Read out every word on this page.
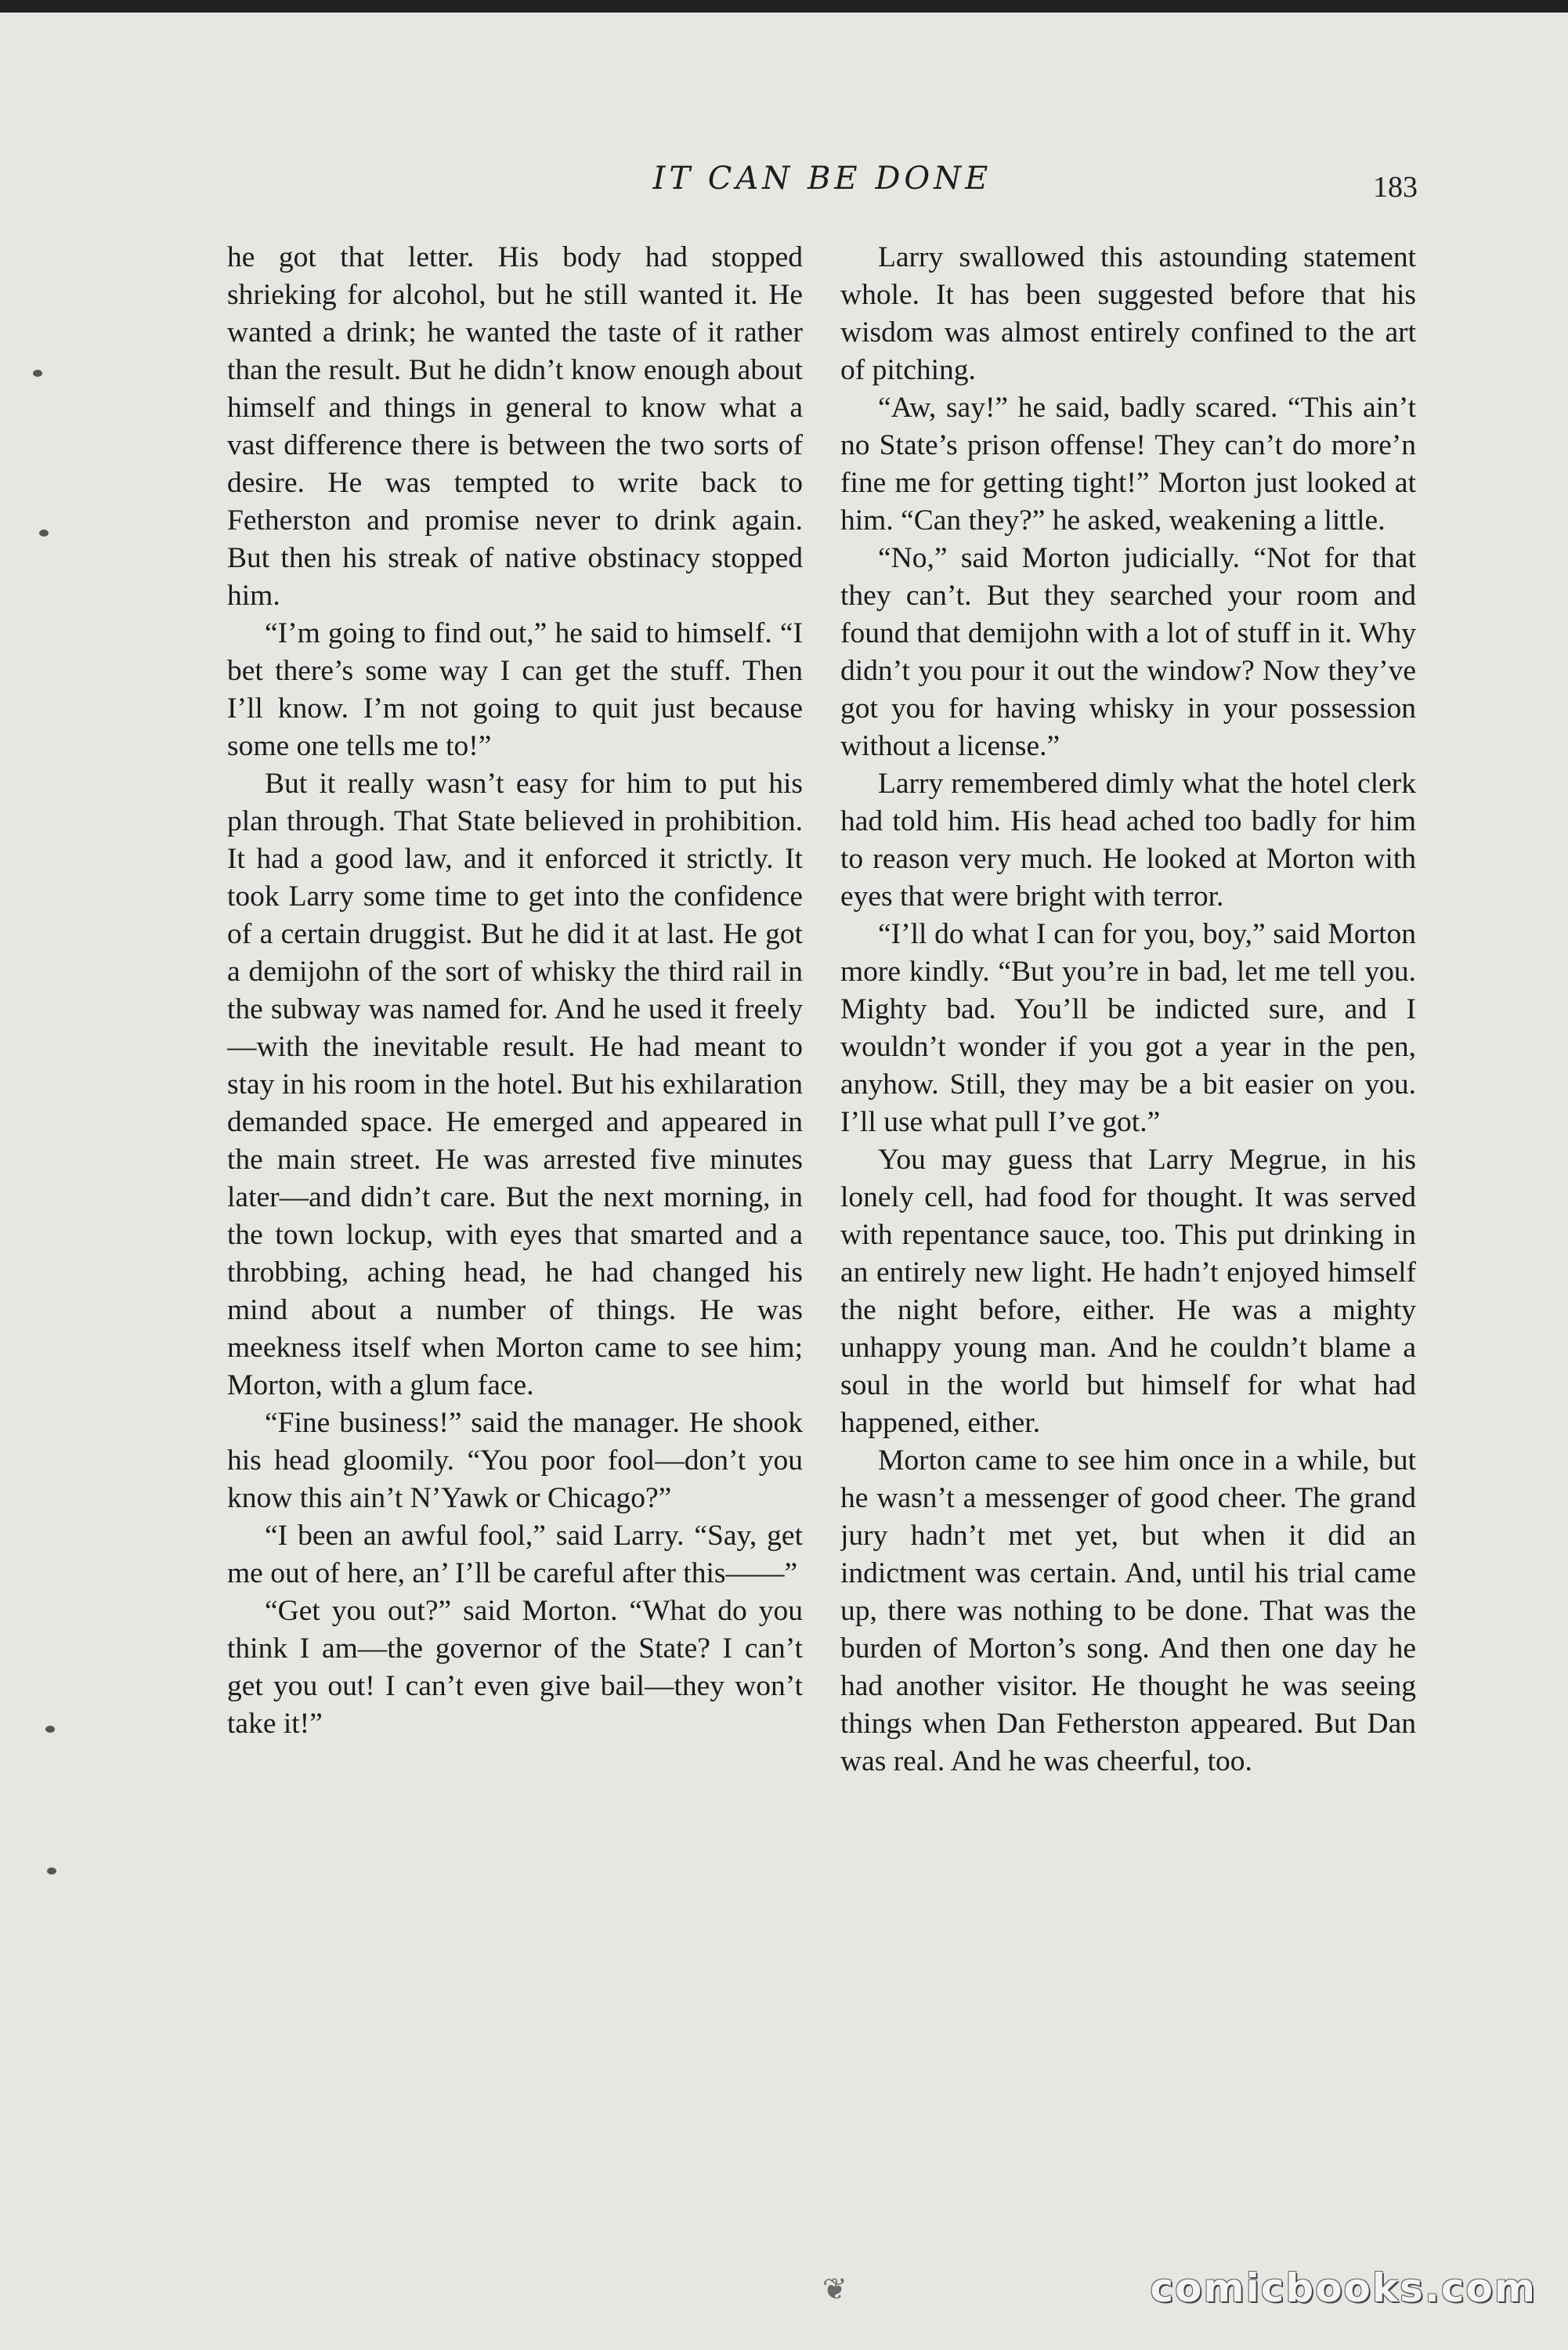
IT CAN BE DONE	183

he got that letter. His body had stopped shrieking for alcohol, but he still wanted it. He wanted a drink; he wanted the taste of it rather than the result. But he didn’t know enough about himself and things in general to know what a vast difference there is between the two sorts of desire. He was tempted to write back to Fetherston and promise never to drink again. But then his streak of native obstinacy stopped him.

“I’m going to find out,” he said to himself. “I bet there’s some way I can get the stuff. Then I’ll know. I’m not going to quit just because some one tells me to!”

But it really wasn’t easy for him to put his plan through. That State believed in prohibition. It had a good law, and it enforced it strictly. It took Larry some time to get into the confidence of a certain druggist. But he did it at last. He got a demijohn of the sort of whisky the third rail in the subway was named for. And he used it freely—with the inevitable result. He had meant to stay in his room in the hotel. But his exhilaration demanded space. He emerged and appeared in the main street. He was arrested five minutes later—and didn’t care. But the next morning, in the town lockup, with eyes that smarted and a throbbing, aching head, he had changed his mind about a number of things. He was meekness itself when Morton came to see him; Morton, with a glum face.

“Fine business!” said the manager. He shook his head gloomily. “You poor fool—don’t you know this ain’t N’Yawk or Chicago?”

“I been an awful fool,” said Larry. “Say, get me out of here, an’ I’ll be careful after this——”

“Get you out?” said Morton. “What do you think I am—the governor of the State? I can’t get you out! I can’t even give bail—they won’t take it!”

Larry swallowed this astounding statement whole. It has been suggested before that his wisdom was almost entirely confined to the art of pitching.

“Aw, say!” he said, badly scared. “This ain’t no State’s prison offense! They can’t do more’n fine me for getting tight!” Morton just looked at him. “Can they?” he asked, weakening a little.

“No,” said Morton judicially. “Not for that they can’t. But they searched your room and found that demijohn with a lot of stuff in it. Why didn’t you pour it out the window? Now they’ve got you for having whisky in your possession without a license.”

Larry remembered dimly what the hotel clerk had told him. His head ached too badly for him to reason very much. He looked at Morton with eyes that were bright with terror.

“I’ll do what I can for you, boy,” said Morton more kindly. “But you’re in bad, let me tell you. Mighty bad. You’ll be indicted sure, and I wouldn’t wonder if you got a year in the pen, anyhow. Still, they may be a bit easier on you. I’ll use what pull I’ve got.”

You may guess that Larry Megrue, in his lonely cell, had food for thought. It was served with repentance sauce, too. This put drinking in an entirely new light. He hadn’t enjoyed himself the night before, either. He was a mighty unhappy young man. And he couldn’t blame a soul in the world but himself for what had happened, either.

Morton came to see him once in a while, but he wasn’t a messenger of good cheer. The grand jury hadn’t met yet, but when it did an indictment was certain. And, until his trial came up, there was nothing to be done. That was the burden of Morton’s song. And then one day he had another visitor. He thought he was seeing things when Dan Fetherston appeared. But Dan was real. And he was cheerful, too.

❦	comicbooks.com
